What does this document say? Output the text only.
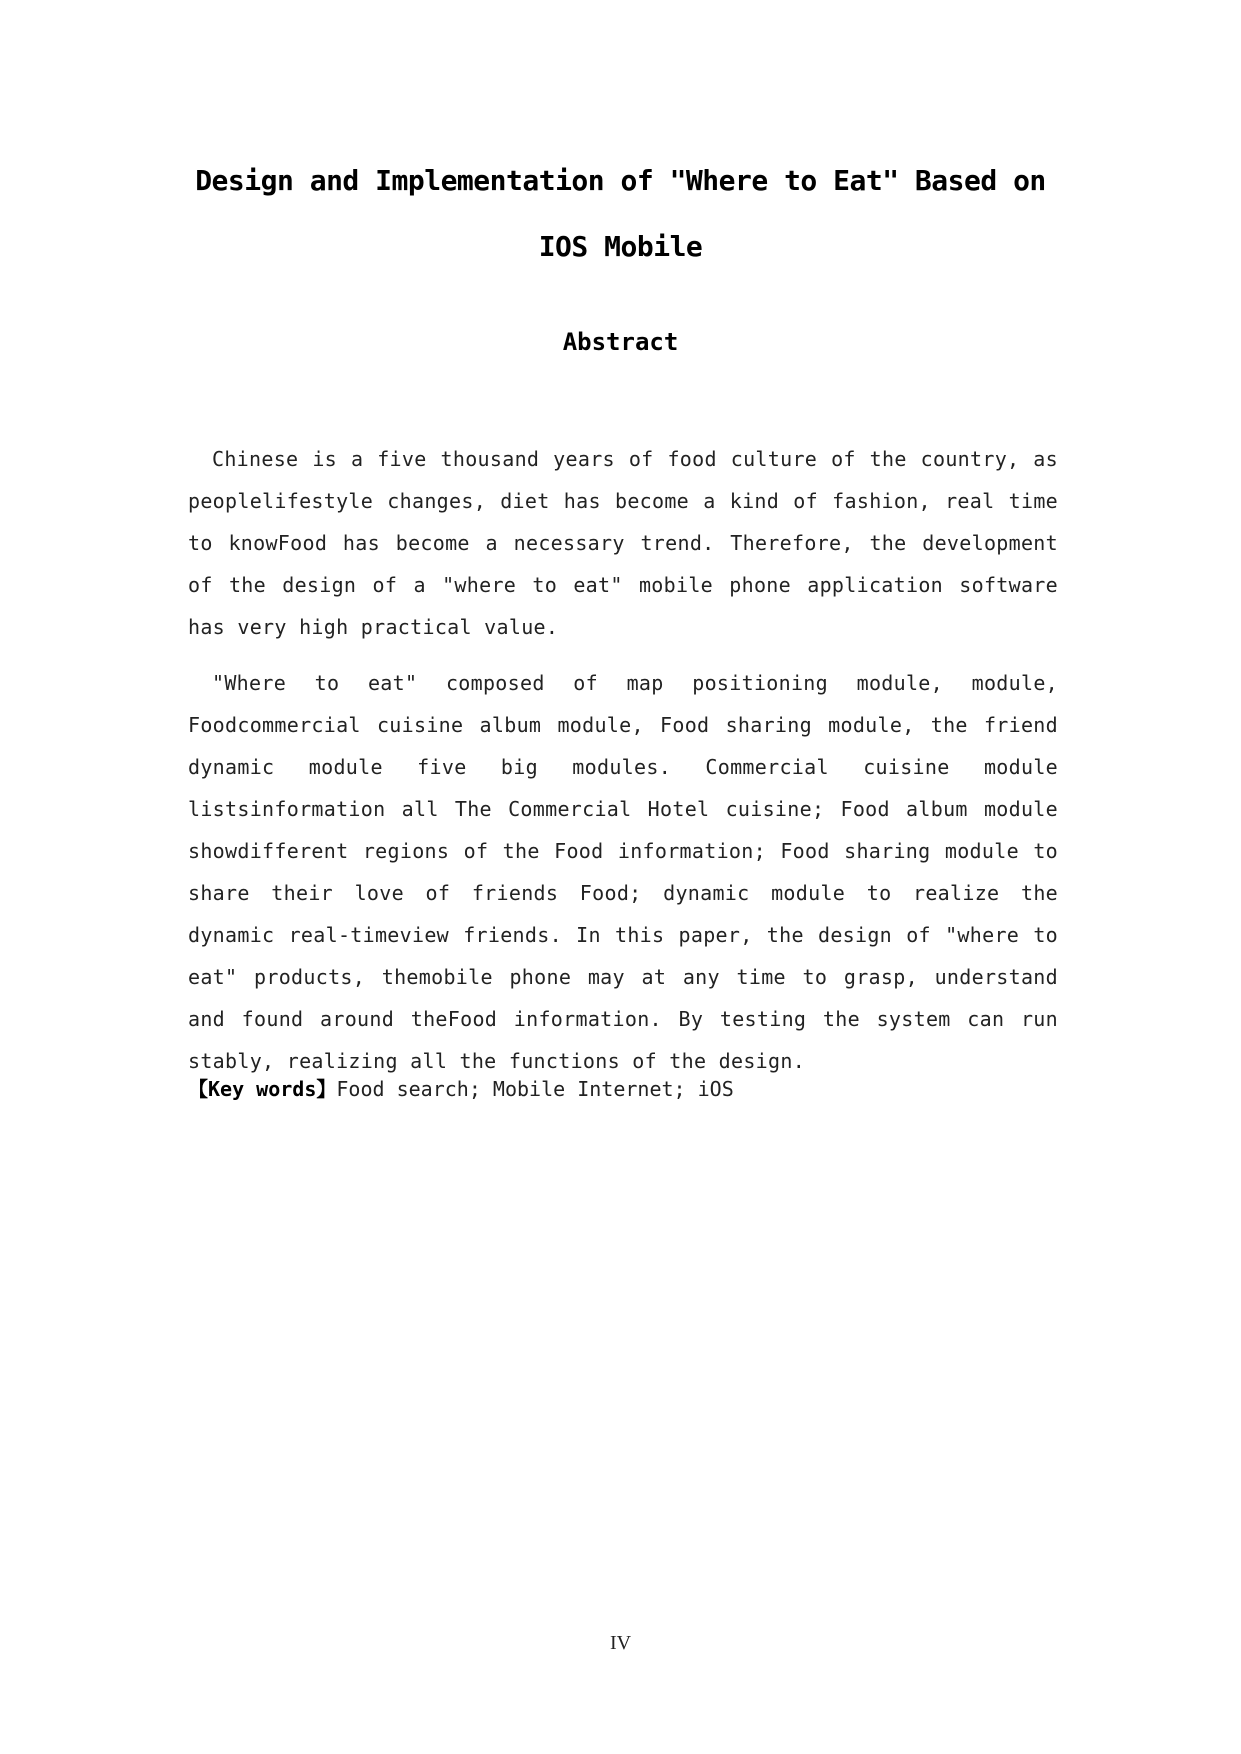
Design and Implementation of "Where to Eat" Based on
IOS Mobile
Abstract

Chinese is a five thousand years of food culture of the country, as peoplelifestyle changes, diet has become a kind of fashion, real time to knowFood has become a necessary trend. Therefore, the development of the design of a "where to eat" mobile phone application software has very high practical value.

"Where to eat" composed of map positioning module, module, Foodcommercial cuisine album module, Food sharing module, the friend dynamic module five big modules. Commercial cuisine module listsinformation all The Commercial Hotel cuisine; Food album module showdifferent regions of the Food information; Food sharing module to share their love of friends Food; dynamic module to realize the dynamic real-timeview friends. In this paper, the design of "where to eat" products, themobile phone may at any time to grasp, understand and found around theFood information. By testing the system can run stably, realizing all the functions of the design.

【Key words】Food search; Mobile Internet; iOS

IV
